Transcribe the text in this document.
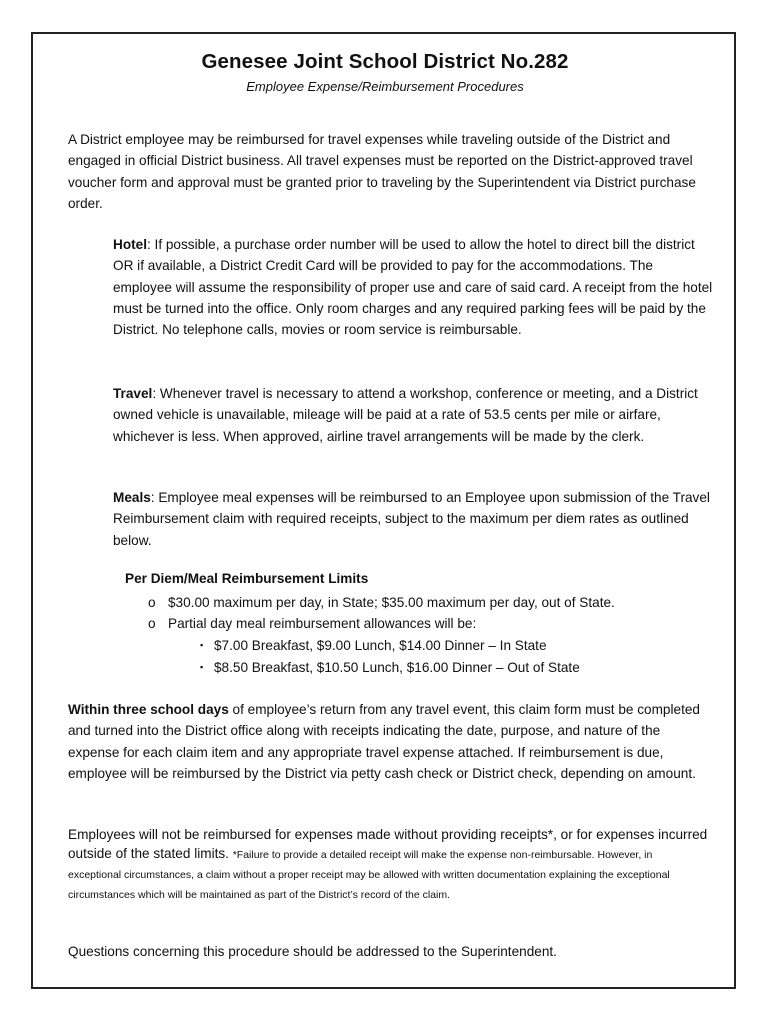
Genesee Joint School District No.282
Employee Expense/Reimbursement Procedures

A District employee may be reimbursed for travel expenses while traveling outside of the District and engaged in official District business. All travel expenses must be reported on the District-approved travel voucher form and approval must be granted prior to traveling by the Superintendent via District purchase order.

Hotel: If possible, a purchase order number will be used to allow the hotel to direct bill the district OR if available, a District Credit Card will be provided to pay for the accommodations. The employee will assume the responsibility of proper use and care of said card. A receipt from the hotel must be turned into the office. Only room charges and any required parking fees will be paid by the District. No telephone calls, movies or room service is reimbursable.

Travel: Whenever travel is necessary to attend a workshop, conference or meeting, and a District owned vehicle is unavailable, mileage will be paid at a rate of 53.5 cents per mile or airfare, whichever is less. When approved, airline travel arrangements will be made by the clerk.

Meals: Employee meal expenses will be reimbursed to an Employee upon submission of the Travel Reimbursement claim with required receipts, subject to the maximum per diem rates as outlined below.

Per Diem/Meal Reimbursement Limits
o $30.00 maximum per day, in State; $35.00 maximum per day, out of State.
o Partial day meal reimbursement allowances will be:
▪ $7.00 Breakfast, $9.00 Lunch, $14.00 Dinner – In State
▪ $8.50 Breakfast, $10.50 Lunch, $16.00 Dinner – Out of State

Within three school days of employee’s return from any travel event, this claim form must be completed and turned into the District office along with receipts indicating the date, purpose, and nature of the expense for each claim item and any appropriate travel expense attached. If reimbursement is due, employee will be reimbursed by the District via petty cash check or District check, depending on amount.

Employees will not be reimbursed for expenses made without providing receipts*, or for expenses incurred outside of the stated limits. *Failure to provide a detailed receipt will make the expense non-reimbursable. However, in exceptional circumstances, a claim without a proper receipt may be allowed with written documentation explaining the exceptional circumstances which will be maintained as part of the District’s record of the claim.

Questions concerning this procedure should be addressed to the Superintendent.
